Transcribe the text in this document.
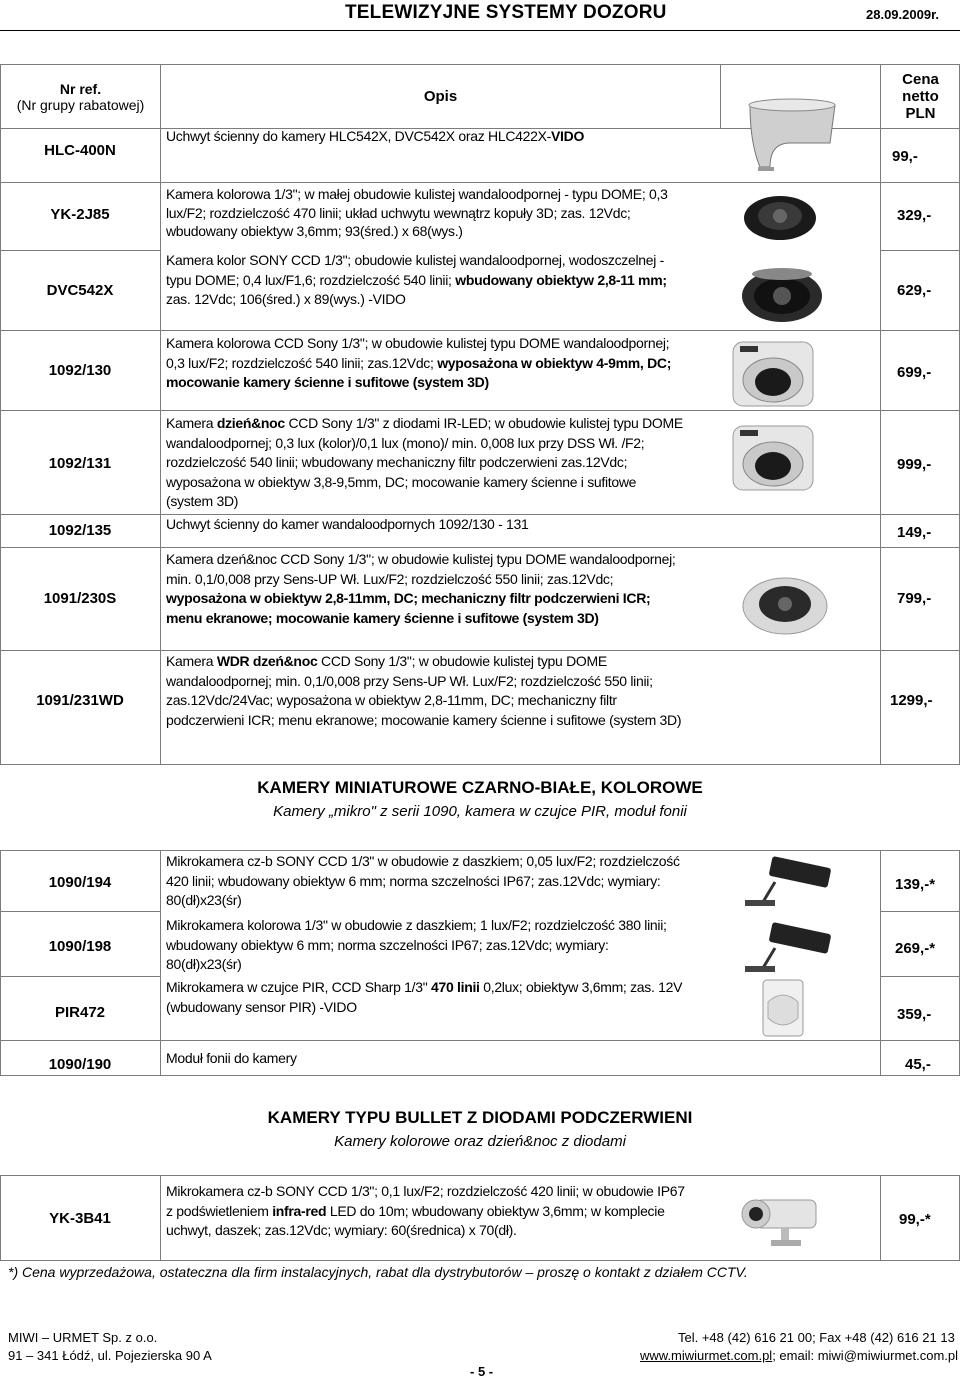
TELEWIZYJNE SYSTEMY DOZORU	28.09.2009r.
Nr ref.
(Nr grupy rabatowej)	Opis		
Cena
netto
PLN
HLC-400N
Uchwyt ścienny do kamery HLC542X, DVC542X oraz HLC422X-VIDO
99,-
YK-2J85
Kamera kolorowa 1/3"; w małej obudowie kulistej wandaloodpornej - typu DOME; 0,3 lux/F2; rozdzielczość 470 linii; układ uchwytu wewnątrz kopuły 3D; zas. 12Vdc; wbudowany obiektyw 3,6mm; 93(śred.) x 68(wys.)
329,-
DVC542X
Kamera kolor SONY CCD 1/3"; obudowie kulistej wandaloodpornej, wodoszczelnej - typu DOME; 0,4 lux/F1,6; rozdzielczość 540 linii; wbudowany obiektyw 2,8-11 mm; zas. 12Vdc; 106(śred.) x 89(wys.) -VIDO	629,-
1092/130
Kamera kolorowa CCD Sony 1/3"; w obudowie kulistej typu DOME wandaloodpornej; 0,3 lux/F2; rozdzielczość 540 linii; zas.12Vdc; wyposażona w obiektyw 4-9mm, DC; mocowanie kamery ścienne i sufitowe (system 3D)
699,-
1092/131
Kamera dzień&noc CCD Sony 1/3" z diodami IR-LED; w obudowie kulistej typu DOME wandaloodpornej; 0,3 lux (kolor)/0,1 lux (mono)/ min. 0,008 lux przy DSS Wł. /F2; rozdzielczość 540 linii; wbudowany mechaniczny filtr podczerwieni zas.12Vdc; wyposażona w obiektyw 3,8-9,5mm, DC; mocowanie kamery ścienne i sufitowe (system 3D)
999,-
1092/135	Uchwyt ścienny do kamer wandaloodpornych 1092/130 - 131	149,-
1091/230S
Kamera dzeń&noc CCD Sony 1/3"; w obudowie kulistej typu DOME wandaloodpornej; min. 0,1/0,008 przy Sens-UP Wł. Lux/F2; rozdzielczość 550 linii; zas.12Vdc; wyposażona w obiektyw 2,8-11mm, DC; mechaniczny filtr podczerwieni ICR; menu ekranowe; mocowanie kamery ścienne i sufitowe (system 3D)
799,-
1091/231WD
Kamera WDR dzeń&noc CCD Sony 1/3"; w obudowie kulistej typu DOME wandaloodpornej; min. 0,1/0,008 przy Sens-UP Wł. Lux/F2; rozdzielczość 550 linii; zas.12Vdc/24Vac; wyposażona w obiektyw 2,8-11mm, DC; mechaniczny filtr podczerwieni ICR; menu ekranowe; mocowanie kamery ścienne i sufitowe (system 3D)
1299,-
KAMERY MINIATUROWE CZARNO-BIAŁE, KOLOROWE
Kamery „mikro" z serii 1090, kamera w czujce PIR, moduł fonii
1090/194
Mikrokamera cz-b SONY CCD 1/3" w obudowie z daszkiem; 0,05 lux/F2; rozdzielczość 420 linii; wbudowany obiektyw 6 mm; norma szczelności IP67; zas.12Vdc; wymiary: 80(dł)x23(śr)
139,-*
1090/198
Mikrokamera kolorowa 1/3" w obudowie z daszkiem; 1 lux/F2; rozdzielczość 380 linii; wbudowany obiektyw 6 mm; norma szczelności IP67; zas.12Vdc; wymiary: 80(dł)x23(śr)
269,-*
PIR472
Mikrokamera w czujce PIR, CCD Sharp 1/3" 470 linii 0,2lux; obiektyw 3,6mm; zas. 12V (wbudowany sensor PIR) -VIDO	359,-
1090/190	Moduł fonii do kamery	45,-
KAMERY TYPU BULLET Z DIODAMI PODCZERWIENI
Kamery kolorowe oraz dzień&noc z diodami
YK-3B41
Mikrokamera cz-b SONY CCD 1/3"; 0,1 lux/F2; rozdzielczość 420 linii; w obudowie IP67 z podświetleniem infra-red LED do 10m; wbudowany obiektyw 3,6mm; w komplecie uchwyt, daszek; zas.12Vdc; wymiary: 60(średnica) x 70(dł).
99,-*
*) Cena wyprzedażowa, ostateczna dla firm instalacyjnych, rabat dla dystrybutorów – proszę o kontakt z działem CCTV.
MIWI – URMET Sp. z o.o.
91 – 341 Łódź, ul. Pojezierska 90 A
- 5 -
Tel. +48 (42) 616 21 00; Fax +48 (42) 616 21 13
www.miwiurmet.com.pl; email: miwi@miwiurmet.com.pl
